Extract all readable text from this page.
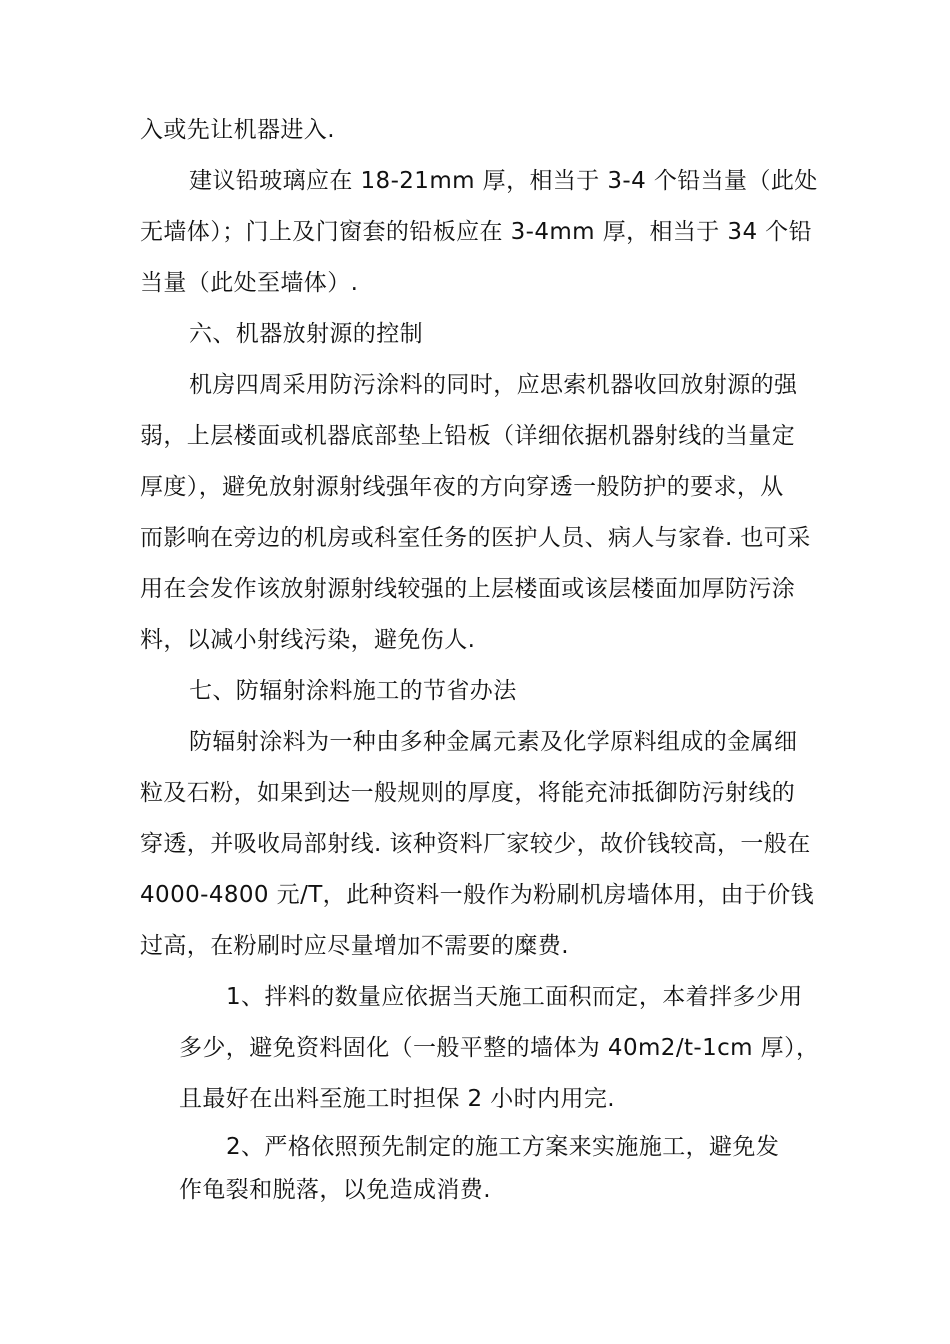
入或先让机器进入.
建议铅玻璃应在 18-21mm 厚，相当于 3-4 个铅当量（此处
无墙体）；门上及门窗套的铅板应在 3-4mm 厚，相当于 34 个铅
当量（此处至墙体）.
六、机器放射源的控制
机房四周采用防污涂料的同时，应思索机器收回放射源的强
弱，上层楼面或机器底部垫上铅板（详细依据机器射线的当量定
厚度），避免放射源射线强年夜的方向穿透一般防护的要求，从
而影响在旁边的机房或科室任务的医护人员、病人与家眷. 也可采
用在会发作该放射源射线较强的上层楼面或该层楼面加厚防污涂
料，以减小射线污染，避免伤人.
七、防辐射涂料施工的节省办法
防辐射涂料为一种由多种金属元素及化学原料组成的金属细
粒及石粉，如果到达一般规则的厚度，将能充沛抵御防污射线的
穿透，并吸收局部射线. 该种资料厂家较少，故价钱较高，一般在
4000-4800 元/T，此种资料一般作为粉刷机房墙体用，由于价钱
过高，在粉刷时应尽量增加不需要的糜费.
1、拌料的数量应依据当天施工面积而定，本着拌多少用
多少，避免资料固化（一般平整的墙体为 40m2/t-1cm 厚），
且最好在出料至施工时担保 2 小时内用完.
2、严格依照预先制定的施工方案来实施施工，避免发
作龟裂和脱落，以免造成消费.
